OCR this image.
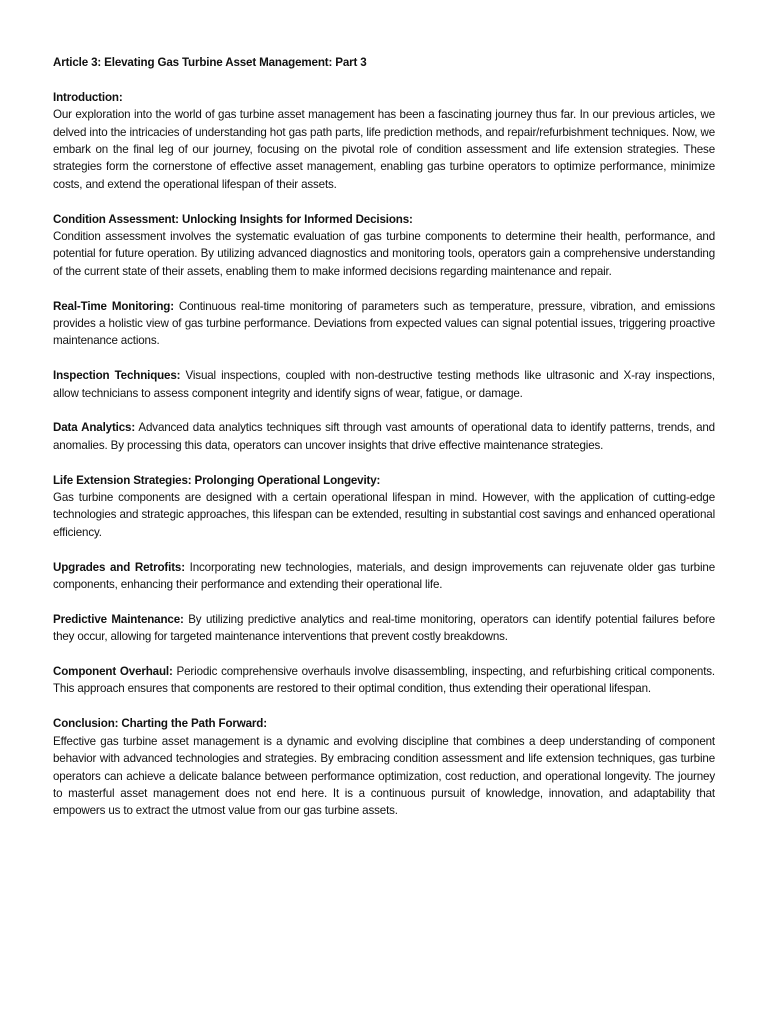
Article 3: Elevating Gas Turbine Asset Management: Part 3

Introduction:
Our exploration into the world of gas turbine asset management has been a fascinating journey thus far. In our previous articles, we delved into the intricacies of understanding hot gas path parts, life prediction methods, and repair/refurbishment techniques. Now, we embark on the final leg of our journey, focusing on the pivotal role of condition assessment and life extension strategies. These strategies form the cornerstone of effective asset management, enabling gas turbine operators to optimize performance, minimize costs, and extend the operational lifespan of their assets.

Condition Assessment: Unlocking Insights for Informed Decisions:
Condition assessment involves the systematic evaluation of gas turbine components to determine their health, performance, and potential for future operation. By utilizing advanced diagnostics and monitoring tools, operators gain a comprehensive understanding of the current state of their assets, enabling them to make informed decisions regarding maintenance and repair.

Real-Time Monitoring: Continuous real-time monitoring of parameters such as temperature, pressure, vibration, and emissions provides a holistic view of gas turbine performance. Deviations from expected values can signal potential issues, triggering proactive maintenance actions.

Inspection Techniques: Visual inspections, coupled with non-destructive testing methods like ultrasonic and X-ray inspections, allow technicians to assess component integrity and identify signs of wear, fatigue, or damage.

Data Analytics: Advanced data analytics techniques sift through vast amounts of operational data to identify patterns, trends, and anomalies. By processing this data, operators can uncover insights that drive effective maintenance strategies.

Life Extension Strategies: Prolonging Operational Longevity:
Gas turbine components are designed with a certain operational lifespan in mind. However, with the application of cutting-edge technologies and strategic approaches, this lifespan can be extended, resulting in substantial cost savings and enhanced operational efficiency.

Upgrades and Retrofits: Incorporating new technologies, materials, and design improvements can rejuvenate older gas turbine components, enhancing their performance and extending their operational life.

Predictive Maintenance: By utilizing predictive analytics and real-time monitoring, operators can identify potential failures before they occur, allowing for targeted maintenance interventions that prevent costly breakdowns.

Component Overhaul: Periodic comprehensive overhauls involve disassembling, inspecting, and refurbishing critical components. This approach ensures that components are restored to their optimal condition, thus extending their operational lifespan.

Conclusion: Charting the Path Forward:
Effective gas turbine asset management is a dynamic and evolving discipline that combines a deep understanding of component behavior with advanced technologies and strategies. By embracing condition assessment and life extension techniques, gas turbine operators can achieve a delicate balance between performance optimization, cost reduction, and operational longevity. The journey to masterful asset management does not end here. It is a continuous pursuit of knowledge, innovation, and adaptability that empowers us to extract the utmost value from our gas turbine assets.
